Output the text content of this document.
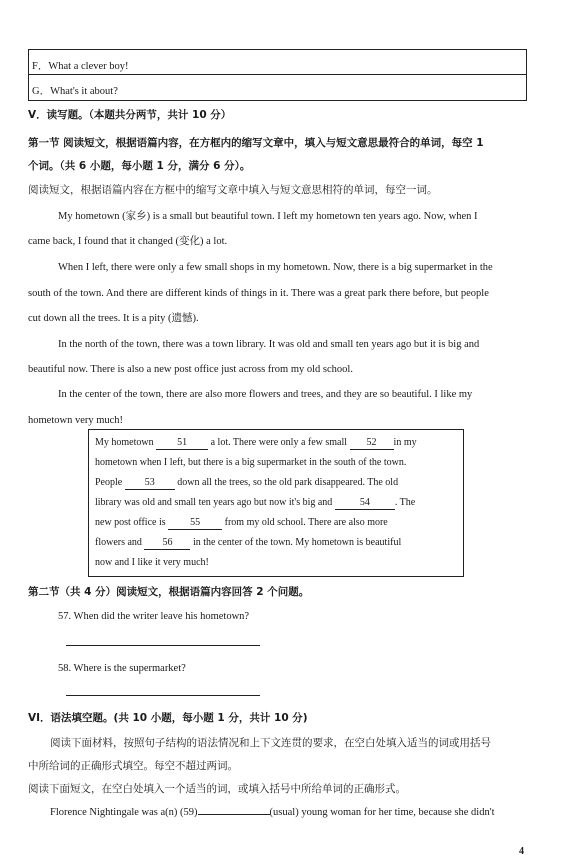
F．What a clever boy!
G．What's it about?
V．读写题。（本题共分两节，共计 10 分）
第一节 阅读短文，根据语篇内容，在方框内的缩写文章中，填入与短文意思最符合的单词，每空 1
个词。（共 6 小题，每小题 1 分，满分 6 分）。
阅读短文，根据语篇内容在方框中的缩写文章中填入与短文意思相符的单词，每空一词。
My hometown (家乡) is a small but beautiful town. I left my hometown ten years ago. Now, when I
came back, I found that it changed (变化) a lot.
When I left, there were only a few small shops in my hometown. Now, there is a big supermarket in the
south of the town. And there are different kinds of things in it. There was a great park there before, but people
cut down all the trees. It is a pity (遗憾).
In the north of the town, there was a town library. It was old and small ten years ago but it is big and
beautiful now. There is also a new post office just across from my old school.
In the center of the town, there are also more flowers and trees, and they are so beautiful. I like my
hometown very much!
My hometown 51 a lot. There were only a few small 52 in my
hometown when I left, but there is a big supermarket in the south of the town.
People 53 down all the trees, so the old park disappeared. The old
library was old and small ten years ago but now it's big and	54	. The
new post office is 55 from my old school. There are also more
flowers and 56 in the center of the town. My hometown is beautiful
now and I like it very much!
第二节（共 4 分）阅读短文，根据语篇内容回答 2 个问题。
57. When did the writer leave his hometown?
58. Where is the supermarket?
VI．语法填空题。(共 10 小题，每小题 1 分，共计 10 分)
阅读下面材料，按照句子结构的语法情况和上下文连贯的要求，在空白处填入适当的词或用括号
中所给词的正确形式填空。每空不超过两词。
阅读下面短文，在空白处填入一个适当的词，或填入括号中所给单词的正确形式。
Florence Nightingale was a(n) (59)	(usual) young woman for her time, because she didn't
4
